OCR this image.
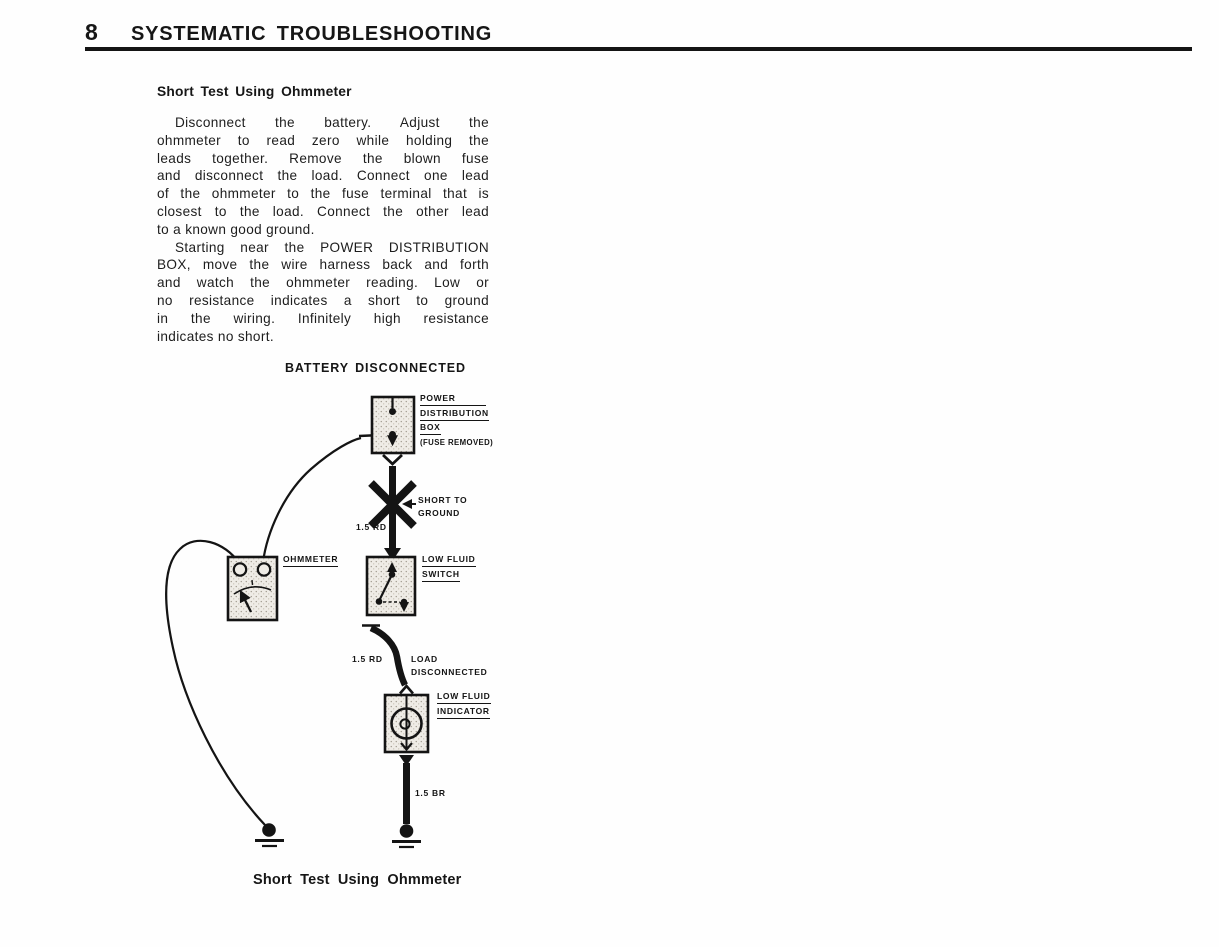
8 SYSTEMATIC TROUBLESHOOTING
Short Test Using Ohmmeter
Disconnect the battery. Adjust the
ohmmeter to read zero while holding the
leads together. Remove the blown fuse
and disconnect the load. Connect one lead
of the ohmmeter to the fuse terminal that is
closest to the load. Connect the other lead
to a known good ground.
Starting near the POWER DISTRIBUTION
BOX, move the wire harness back and forth
and watch the ohmmeter reading. Low or
no resistance indicates a short to ground
in the wiring. Infinitely high resistance
indicates no short.
BATTERY DISCONNECTED
POWER
DISTRIBUTION
BOX
(FUSE REMOVED)
SHORT TO
GROUND
1.5 RD
OHMMETER	LOW FLUID
SWITCH
1.5 RD	LOAD
DISCONNECTED
LOW FLUID
INDICATOR
1.5 BR
Short Test Using Ohmmeter
